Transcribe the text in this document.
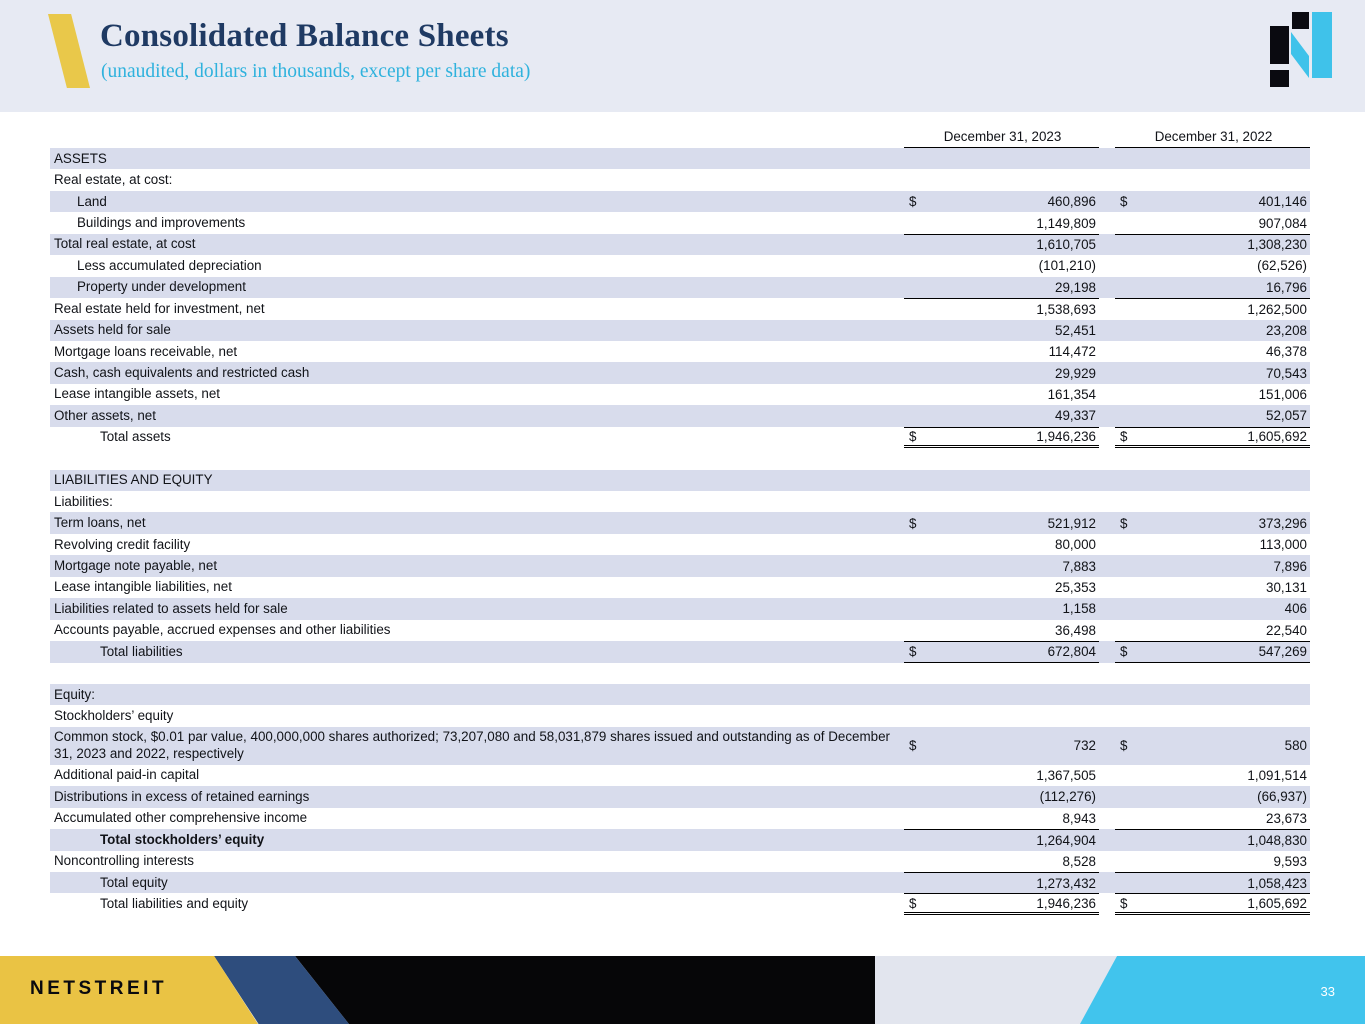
Consolidated Balance Sheets
(unaudited, dollars in thousands, except per share data)
December 31, 2023	December 31, 2022
ASSETS
Real estate, at cost:
Land	$	460,896 $	401,146
Buildings and improvements	1,149,809	907,084
Total real estate, at cost	1,610,705	1,308,230
Less accumulated depreciation	(101,210)	(62,526)
Property under development	29,198	16,796
Real estate held for investment, net	1,538,693	1,262,500
Assets held for sale	52,451	23,208
Mortgage loans receivable, net	114,472	46,378
Cash, cash equivalents and restricted cash	29,929	70,543
Lease intangible assets, net	161,354	151,006
Other assets, net	49,337	52,057
Total assets	$	1,946,236 $	1,605,692
LIABILITIES AND EQUITY
Liabilities:
Term loans, net	$	521,912 $	373,296
Revolving credit facility	80,000	113,000
Mortgage note payable, net	7,883	7,896
Lease intangible liabilities, net	25,353	30,131
Liabilities related to assets held for sale	1,158	406
Accounts payable, accrued expenses and other liabilities	36,498	22,540
Total liabilities	$	672,804 $	547,269
Equity:
Stockholders’ equity
Common stock, $0.01 par value, 400,000,000 shares authorized; 73,207,080 and 58,031,879 shares issued and outstanding as of December 31, 2023 and 2022, respectively	$	732 $	580
Additional paid-in capital	1,367,505	1,091,514
Distributions in excess of retained earnings	(112,276)	(66,937)
Accumulated other comprehensive income	8,943	23,673
Total stockholders’ equity	1,264,904	1,048,830
Noncontrolling interests	8,528	9,593
Total equity	1,273,432	1,058,423
Total liabilities and equity	$	1,946,236 $	1,605,692
NETSTREIT	33
